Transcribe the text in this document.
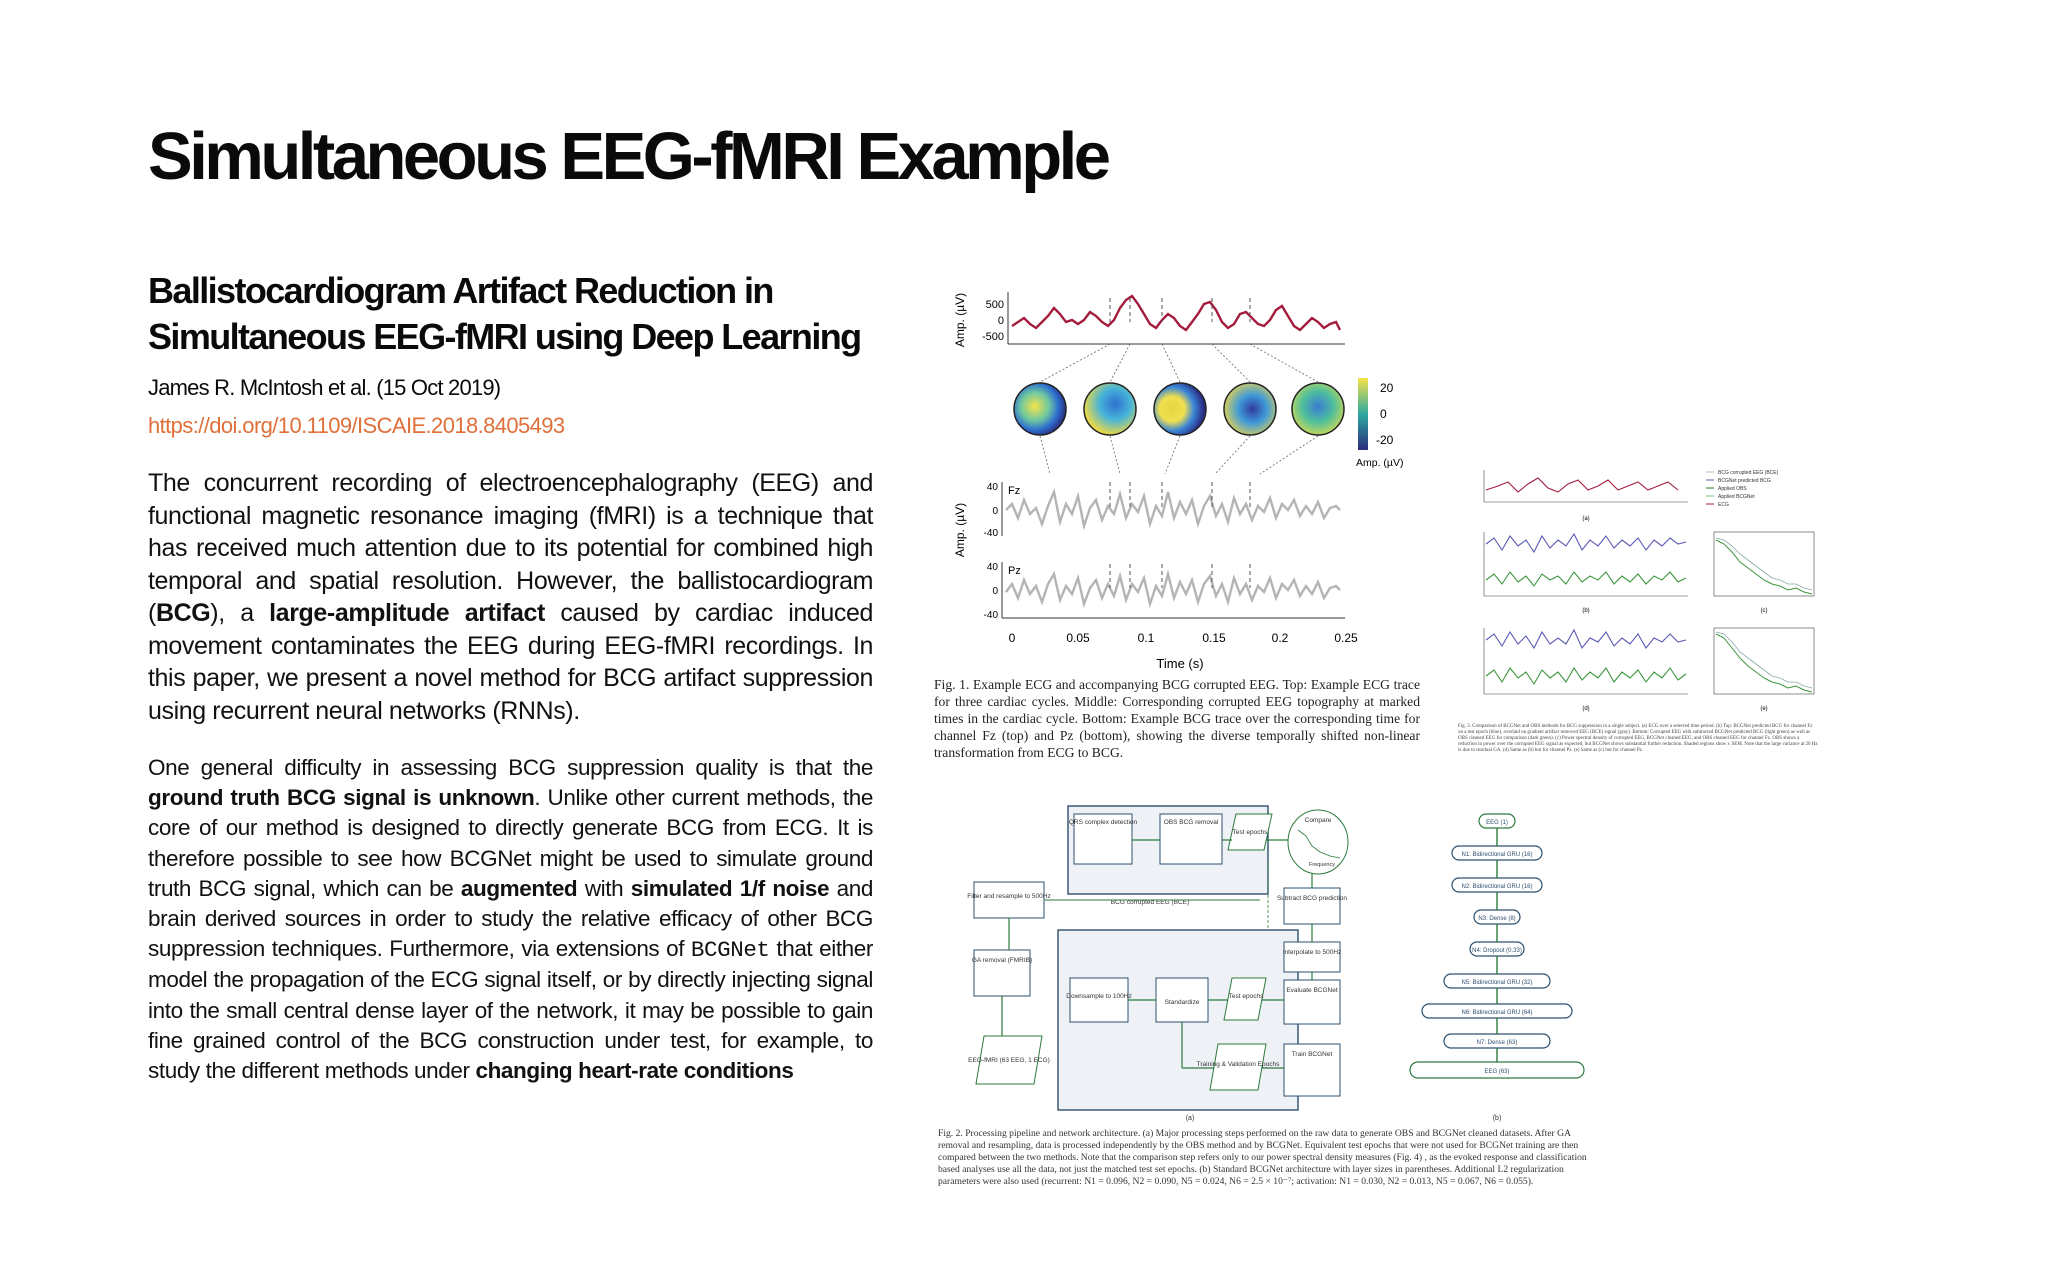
Simultaneous EEG-fMRI Example
Ballistocardiogram Artifact Reduction in Simultaneous EEG-fMRI using Deep Learning James R. McIntosh et al. (15 Oct 2019)
https://doi.org/10.1109/ISCAIE.2018.8405493
The concurrent recording of electroencephalography (EEG) and functional magnetic resonance imaging (fMRI) is a technique that has received much attention due to its potential for combined high temporal and spatial resolution. However, the ballistocardiogram (BCG), a large-amplitude artifact caused by cardiac induced movement contaminates the EEG during EEG-fMRI recordings. In this paper, we present a novel method for BCG artifact suppression using recurrent neural networks (RNNs).
One general difficulty in assessing BCG suppression quality is that the ground truth BCG signal is unknown. Unlike other current methods, the core of our method is designed to directly generate BCG from ECG. It is therefore possible to see how BCGNet might be used to simulate ground truth BCG signal, which can be augmented with simulated 1/f noise and brain derived sources in order to study the relative efficacy of other BCG suppression techniques. Furthermore, via extensions of BCGNet that either model the propagation of the ECG signal itself, or by directly injecting signal into the small central dense layer of the network, it may be possible to gain fine grained control of the BCG construction under test, for example, to study the different methods under changing heart-rate conditions
Amp. (µV) 500
0
-500
Amp. (µV)
Fz
40
0
-40
Pz
40
0
-40
0	0.05	0.1	0.15	0.2	0.25
Time (s)
20
0
-20
Amp. (µV)
Fig. 1. Example ECG and accompanying BCG corrupted EEG. Top: Example ECG trace for three cardiac cycles. Middle: Corresponding corrupted EEG topography at marked times in the cardiac cycle. Bottom: Example BCG trace over the corresponding time for channel Fz (top) and Pz (bottom), showing the diverse temporally shifted non-linear transformation from ECG to BCG.
(a)
BCG corrupted EEG (BCE)
BCGNet predicted BCG
Applied OBS
Applied BCGNet
ECG
(b)	(c)
(d)	(e)
Fig. 3. Comparison of BCGNet and OBS methods for BCG suppression in a single subject. (a) ECG over a selected time period. (b) Top: BCGNet predicted BCG for channel Fz on a test epoch (blue), overlaid on gradient artifact removed EEG (BCE) signal (gray). Bottom: Corrupted EEG with subtracted BCGNet predicted BCG (light green) as well as OBS cleaned EEG for comparison (dark green). (c) Power spectral density of corrupted EEG, BCGNet cleaned EEG, and OBS cleaned EEG for channel Fz. OBS shows a reduction in power over the corrupted EEG signal as expected, but BCGNet shows substantial further reduction. Shaded regions show ± SEM. Note that the large variance at 20 Hz is due to residual GA. (d) Same as (b) but for channel Pz. (e) Same as (c) but for channel Pz.
QRS complex detection	OBS BCG removal
Test epochs
Compare
Frequency
Filter and resample to 500Hz
GA removal (FMRIB)
EEG-fMRI (63 EEG, 1 ECG)
BCG corrupted EEG (BCE)
Downsample to 100Hz
Standardize
Test epochs
Training & Validation Epochs
Subtract BCG prediction
Interpolate to 500Hz
Evaluate BCGNet
Train BCGNet
EEG (1)
N1: Bidirectional GRU (16)
N2: Bidirectional GRU (16)
N3: Dense (8)
N4: Dropout (0.33)
N5: Bidirectional GRU (32)
N6: Bidirectional GRU (64)
N7: Dense (63)
EEG (63)
(a)	(b)
Fig. 2. Processing pipeline and network architecture. (a) Major processing steps performed on the raw data to generate OBS and BCGNet cleaned datasets. After GA removal and resampling, data is processed independently by the OBS method and by BCGNet. Equivalent test epochs that were not used for BCGNet training are then compared between the two methods. Note that the comparison step refers only to our power spectral density measures (Fig. 4) , as the evoked response and classification based analyses use all the data, not just the matched test set epochs. (b) Standard BCGNet architecture with layer sizes in parentheses. Additional L2 regularization parameters were also used (recurrent: N1 = 0.096, N2 = 0.090, N5 = 0.024, N6 = 2.5 × 10⁻⁷; activation: N1 = 0.030, N2 = 0.013, N5 = 0.067, N6 = 0.055).
